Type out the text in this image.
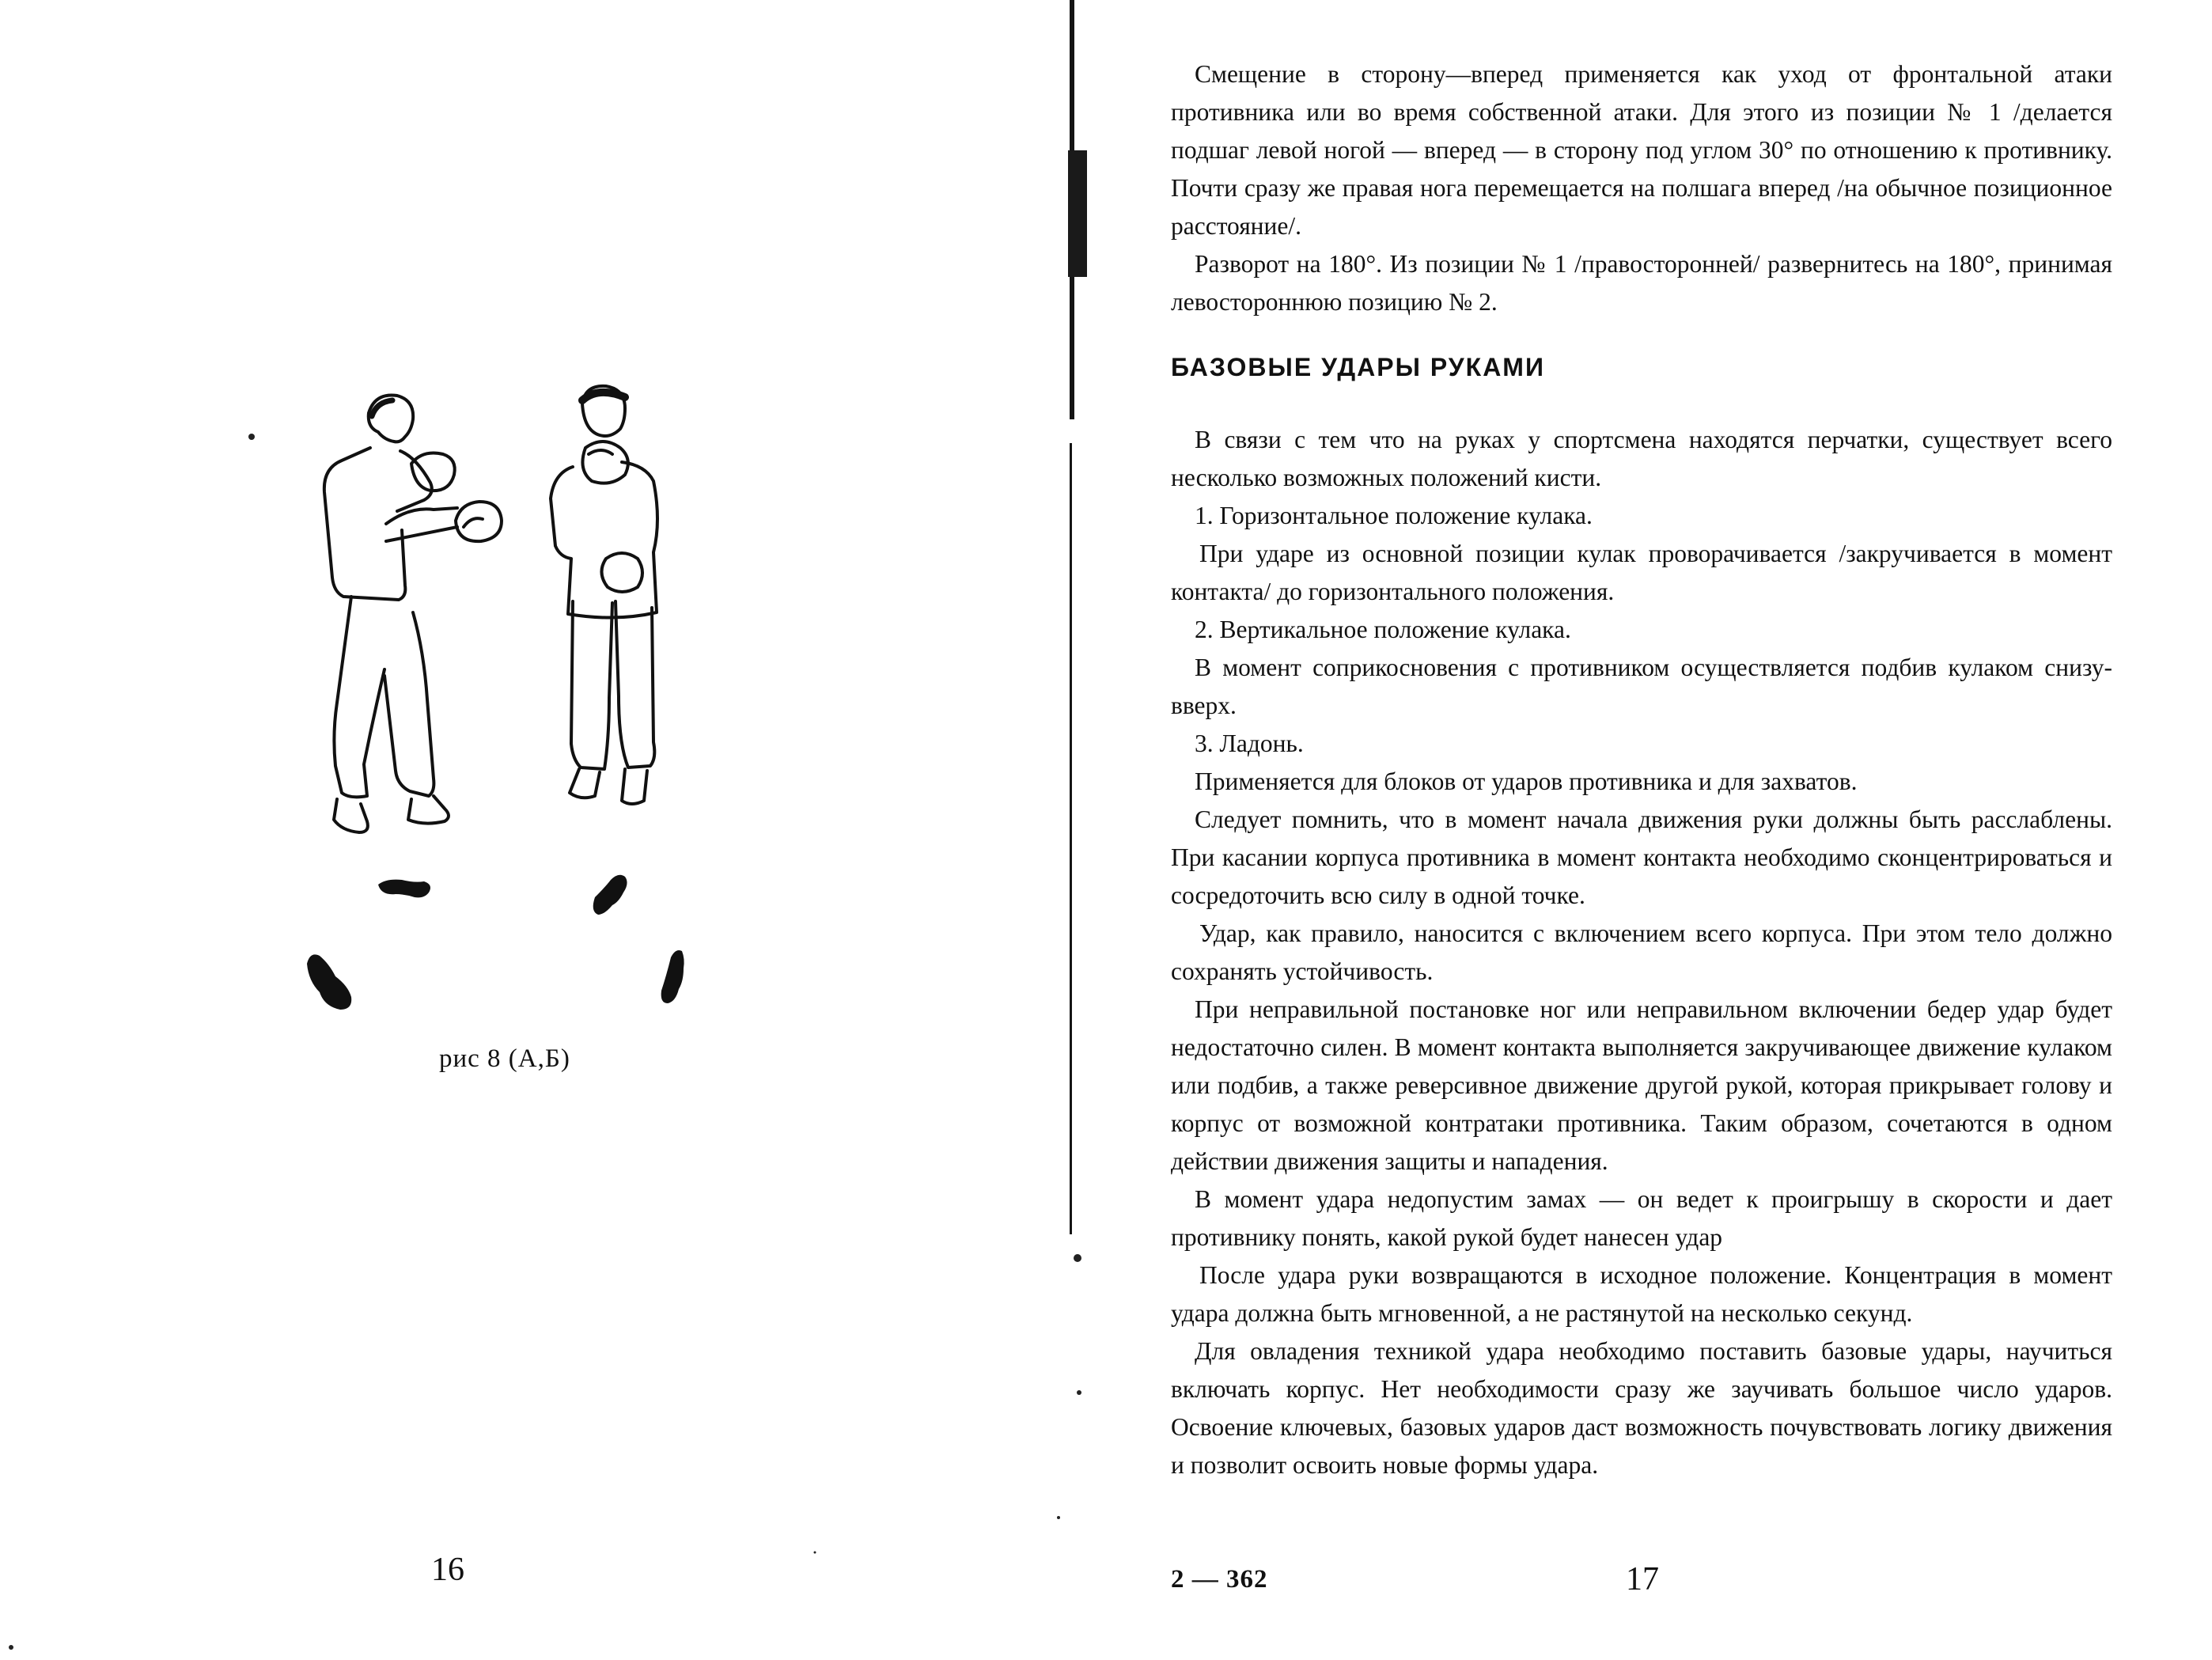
рис 8 (А,Б)
16

Смещение в сторону—вперед применяется как уход от фронтальной атаки противника или во время собственной атаки. Для этого из позиции № 1 /делается подшаг левой ногой — вперед — в сторону под углом 30° по отношению к противнику. Почти сразу же правая нога перемещается на полшага вперед /на обычное позиционное расстояние/.

Разворот на 180°. Из позиции № 1 /правосторонней/ развернитесь на 180°, принимая левостороннюю позицию № 2.

БАЗОВЫЕ УДАРЫ РУКАМИ

В связи с тем что на руках у спортсмена находятся перчатки, существует всего несколько возможных положений кисти.

1. Горизонтальное положение кулака.

При ударе из основной позиции кулак проворачивается /закручивается в момент контакта/ до горизонтального положения.

2. Вертикальное положение кулака.

В момент соприкосновения с противником осуществляется подбив кулаком снизу-вверх.

3. Ладонь.

Применяется для блоков от ударов противника и для захватов.

Следует помнить, что в момент начала движения руки должны быть расслаблены. При касании корпуса противника в момент контакта необходимо сконцентрироваться и сосредоточить всю силу в одной точке.

Удар, как правило, наносится с включением всего корпуса. При этом тело должно сохранять устойчивость.

При неправильной постановке ног или неправильном включении бедер удар будет недостаточно силен. В момент контакта выполняется закручивающее движение кулаком или подбив, а также реверсивное движение другой рукой, которая прикрывает голову и корпус от возможной контратаки противника. Таким образом, сочетаются в одном действии движения защиты и нападения.

В момент удара недопустим замах — он ведет к проигрышу в скорости и дает противнику понять, какой рукой будет нанесен удар

После удара руки возвращаются в исходное положение. Концентрация в момент удара должна быть мгновенной, а не растянутой на несколько секунд.

Для овладения техникой удара необходимо поставить базовые удары, научиться включать корпус. Нет необходимости сразу же заучивать большое число ударов. Освоение ключевых, базовых ударов даст возможность почувствовать логику движения и позволит освоить новые формы удара.

2 — 362	17
